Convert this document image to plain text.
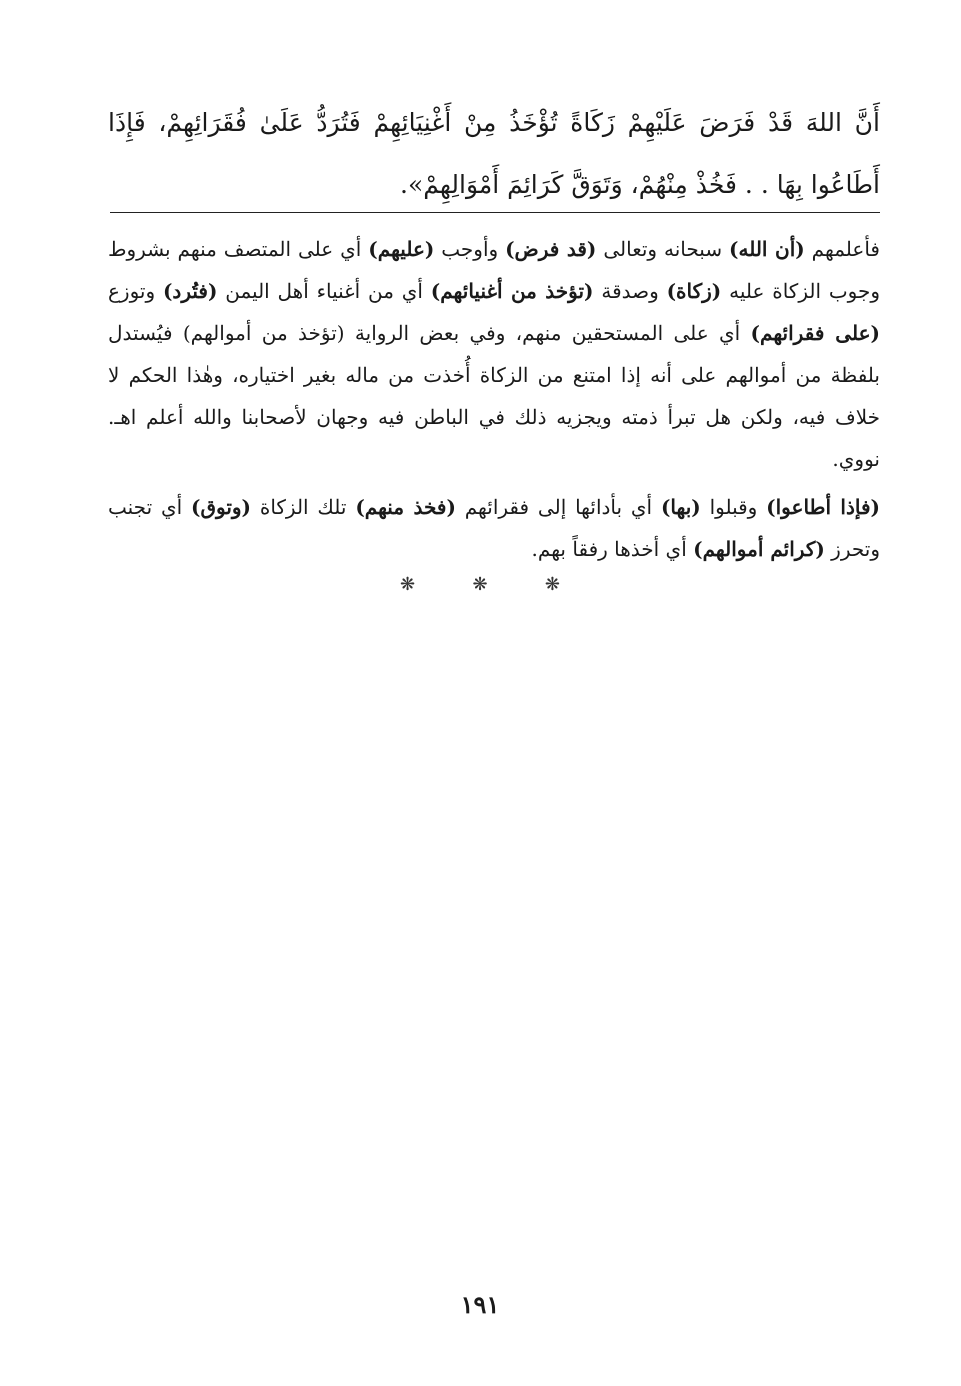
أَنَّ اللهَ قَدْ فَرَضَ عَلَيْهِمْ زَكَاةً تُؤْخَذُ مِنْ أَغْنِيَائِهِمْ فَتُرَدُّ عَلَىٰ فُقَرَائِهِمْ، فَإِذَا أَطَاعُوا بِهَا . . فَخُذْ مِنْهُمْ، وَتَوَقَّ كَرَائِمَ أَمْوَالِهِمْ».

فأعلمهم (أن الله) سبحانه وتعالى (قد فرض) وأوجب (عليهم) أي على المتصف منهم بشروط وجوب الزكاة عليه (زكاة) وصدقة (تؤخذ من أغنيائهم) أي من أغنياء أهل اليمن (فتُرد) وتوزع (على فقرائهم) أي على المستحقين منهم، وفي بعض الرواية (تؤخذ من أموالهم) فيُستدل بلفظة من أموالهم على أنه إذا امتنع من الزكاة أُخذت من ماله بغير اختياره، وهٰذا الحكم لا خلاف فيه، ولكن هل تبرأ ذمته ويجزيه ذلك في الباطن فيه وجهان لأصحابنا والله أعلم اهـ. نووي.

(فإذا أطاعوا) وقبلوا (بها) أي بأدائها إلى فقرائهم (فخذ منهم) تلك الزكاة (وتوق) أي تجنب وتحرز (كرائم أموالهم) أي أخذها رفقاً بهم.

❋	❋	❋
١٩١
